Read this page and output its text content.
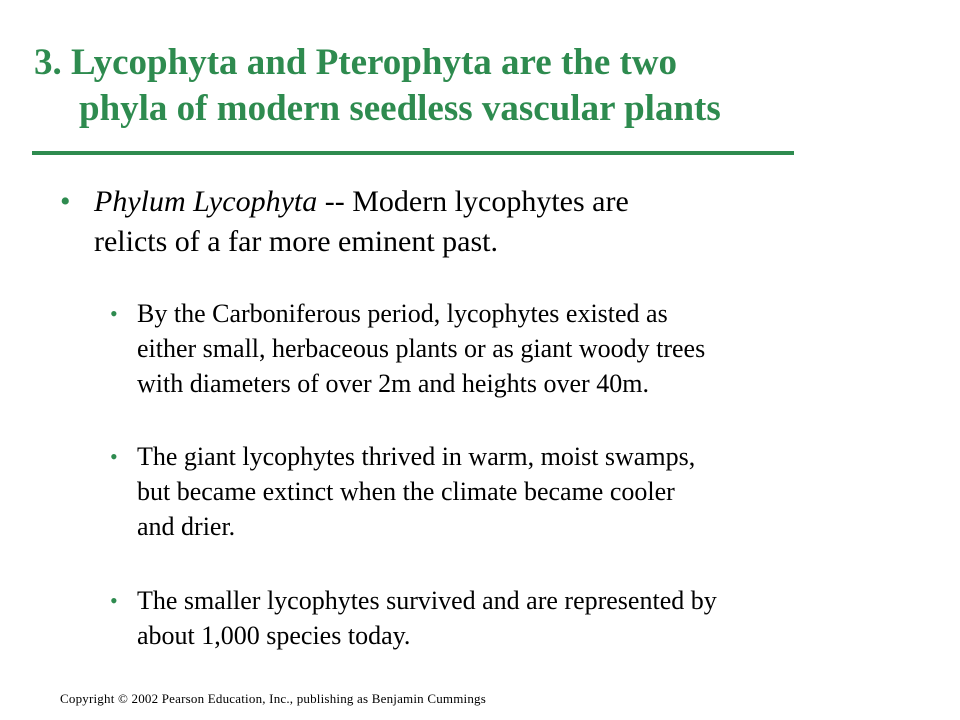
3. Lycophyta and Pterophyta are the two
phyla of modern seedless vascular plants
• Phylum Lycophyta -- Modern lycophytes are
relicts of a far more eminent past.
• By the Carboniferous period, lycophytes existed as
either small, herbaceous plants or as giant woody trees
with diameters of over 2m and heights over 40m.
• The giant lycophytes thrived in warm, moist swamps,
but became extinct when the climate became cooler
and drier.
• The smaller lycophytes survived and are represented by
about 1,000 species today.
Copyright © 2002 Pearson Education, Inc., publishing as Benjamin Cummings
